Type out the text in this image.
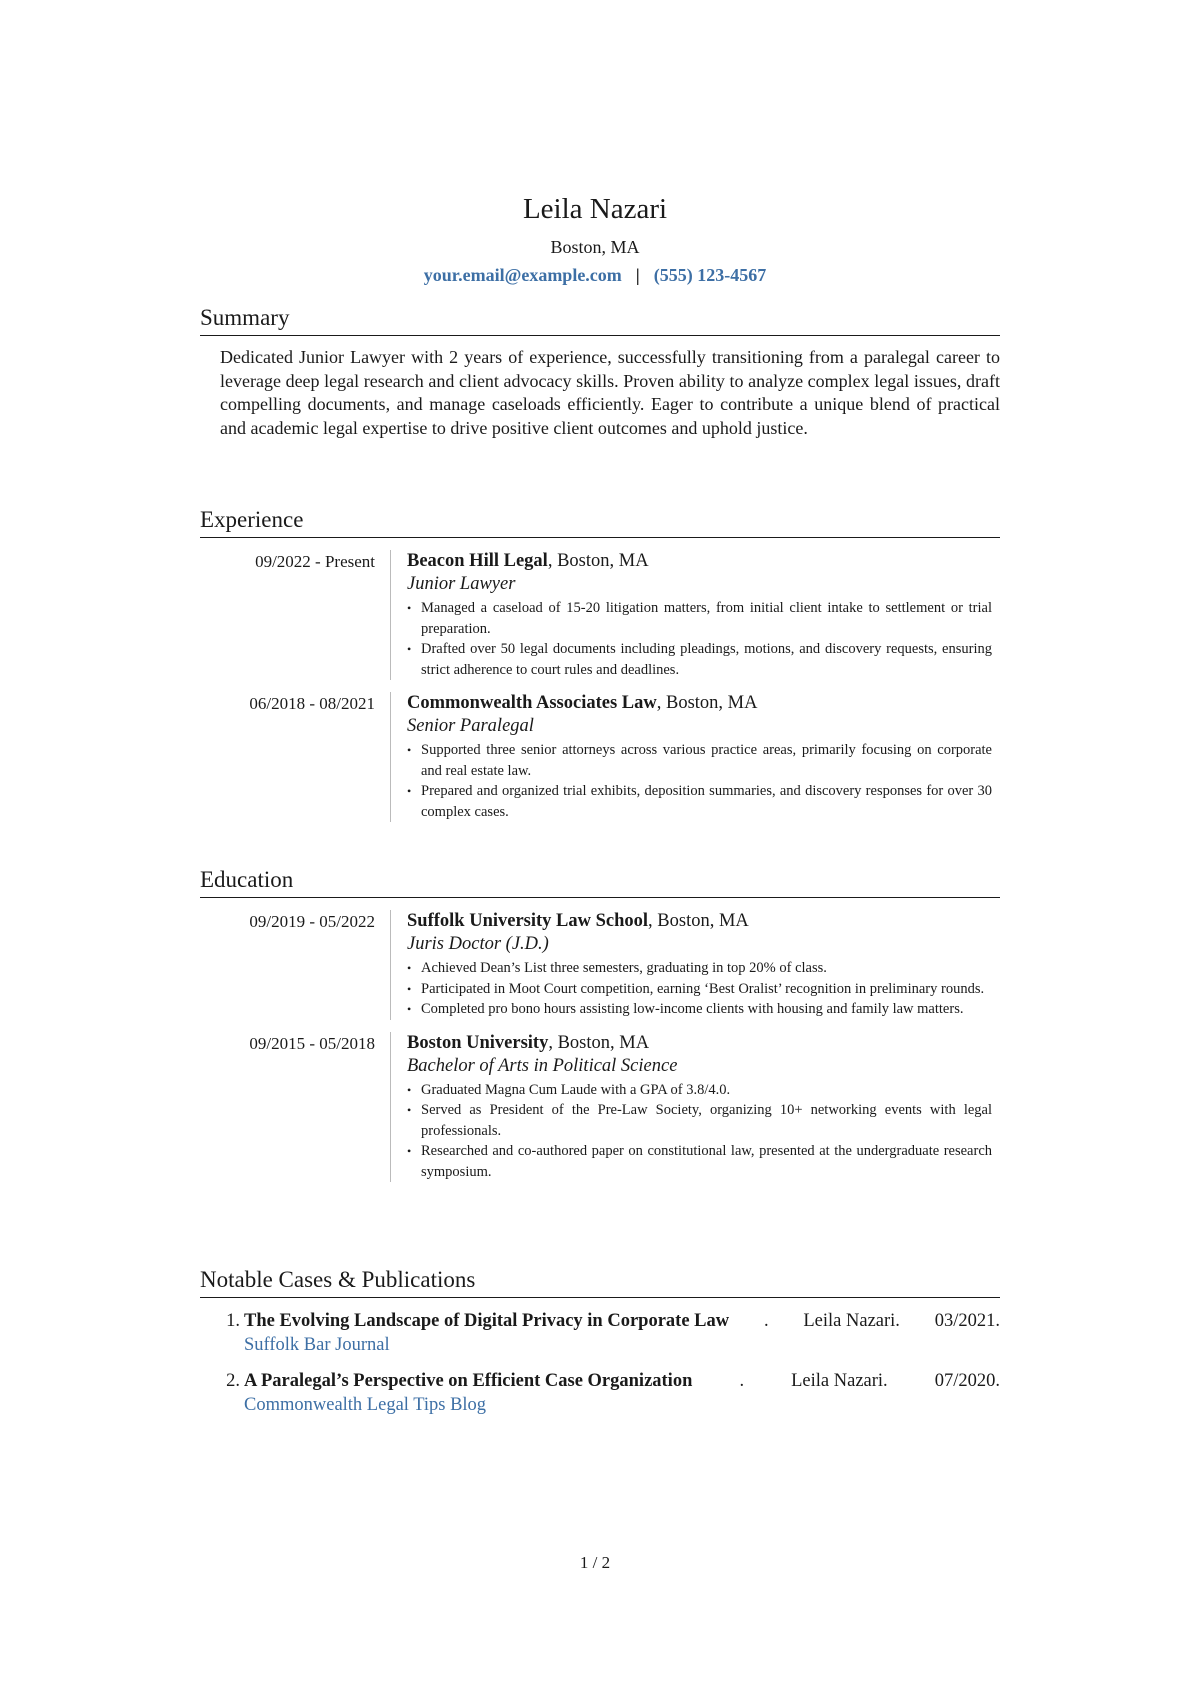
Leila Nazari
Boston, MA
your.email@example.com | (555) 123-4567
Summary
Dedicated Junior Lawyer with 2 years of experience, successfully transitioning from a paralegal career to leverage deep legal research and client advocacy skills. Proven ability to analyze complex legal issues, draft compelling documents, and manage caseloads efficiently. Eager to contribute a unique blend of practical and academic legal expertise to drive positive client outcomes and uphold justice.
Experience
09/2022 - Present Beacon Hill Legal, Boston, MA
Junior Lawyer
• Managed a caseload of 15-20 litigation matters, from initial client intake to settlement or trial preparation.
• Drafted over 50 legal documents including pleadings, motions, and discovery requests, ensuring strict adherence to court rules and deadlines.
06/2018 - 08/2021 Commonwealth Associates Law, Boston, MA
Senior Paralegal
• Supported three senior attorneys across various practice areas, primarily focusing on corporate and real estate law.
• Prepared and organized trial exhibits, deposition summaries, and discovery responses for over 30 complex cases.
Education
09/2019 - 05/2022 Suffolk University Law School, Boston, MA
Juris Doctor (J.D.)
• Achieved Dean’s List three semesters, graduating in top 20% of class.
• Participated in Moot Court competition, earning ‘Best Oralist’ recognition in preliminary rounds.
• Completed pro bono hours assisting low-income clients with housing and family law matters.
09/2015 - 05/2018 Boston University, Boston, MA
Bachelor of Arts in Political Science
• Graduated Magna Cum Laude with a GPA of 3.8/4.0.
• Served as President of the Pre-Law Society, organizing 10+ networking events with legal professionals.
• Researched and co-authored paper on constitutional law, presented at the undergraduate research symposium.
Notable Cases & Publications
1. The Evolving Landscape of Digital Privacy in Corporate Law . Leila Nazari. 03/2021.
Suffolk Bar Journal
2. A Paralegal’s Perspective on Efficient Case Organization	.	Leila Nazari.	07/2020.
Commonwealth Legal Tips Blog
1 / 2
